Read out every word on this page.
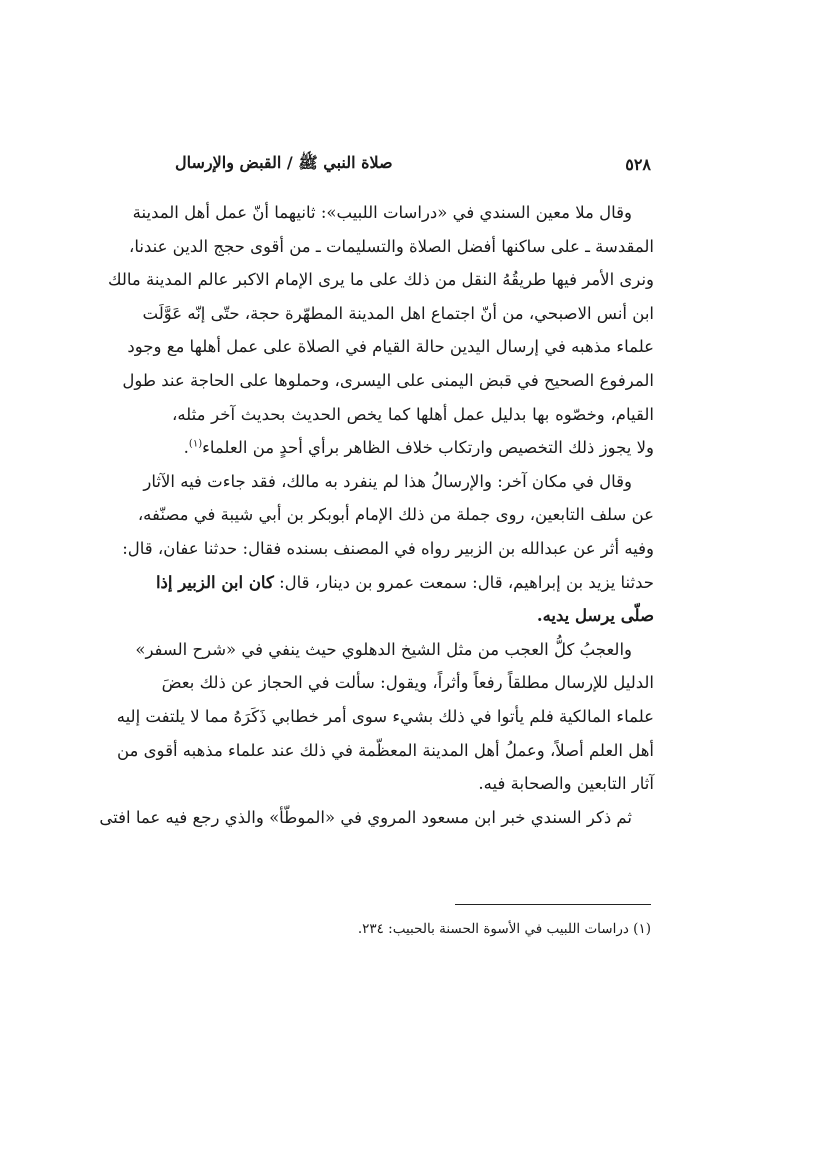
٥٢٨
صلاة النبي ﷺ / القبض والإرسال

وقال ملا معين السندي في «دراسات اللبيب»: ثانيهما أنّ عمل أهل المدينة
المقدسة ـ على ساكنها أفضل الصلاة والتسليمات ـ من أقوى حجج الدين عندنا،
ونرى الأمر فيها طريقُهُ النقل من ذلك على ما يرى الإمام الاكبر عالم المدينة مالك
ابن أنس الاصبحي، من أنّ اجتماع اهل المدينة المطهّرة حجة، حتّى إنّه عَوَّلَت
علماء مذهبه في إرسال اليدين حالة القيام في الصلاة على عمل أهلها مع وجود
المرفوع الصحيح في قبض اليمنى على اليسرى، وحملوها على الحاجة عند طول
القيام، وخصّوه بها بدليل عمل أهلها كما يخص الحديث بحديث آخر مثله،
ولا يجوز ذلك التخصيص وارتكاب خلاف الظاهر برأي أحدٍ من العلماء$^{(١)}$.

وقال في مكان آخر: والإرسالُ هذا لم ينفرد به مالك، فقد جاءت فيه الآثار
عن سلف التابعين، روى جملة من ذلك الإمام أبوبكر بن أبي شيبة في مصنّفه،
وفيه أثر عن عبدالله بن الزبير رواه في المصنف بسنده فقال: حدثنا عفان، قال:
حدثنا يزيد بن إبراهيم، قال: سمعت عمرو بن دينار، قال: كان ابن الزبير إذا
صلّى يرسل يديه.

والعجبُ كلُّ العجب من مثل الشيخ الدهلوي حيث ينفي في «شرح السفر»
الدليل للإرسال مطلقاً رفعاً وأثراً، ويقول: سألت في الحجاز عن ذلك بعضَ
علماء المالكية فلم يأتوا في ذلك بشيء سوى أمر خطابي ذَكَرَهُ مما لا يلتفت إليه
أهل العلم أصلاً، وعملُ أهل المدينة المعظّمة في ذلك عند علماء مذهبه أقوى من
آثار التابعين والصحابة فيه.

ثم ذكر السندي خبر ابن مسعود المروي في «الموطّأ» والذي رجع فيه عما افتى

(١) دراسات اللبيب في الأسوة الحسنة بالحبيب: ٢٣٤.
